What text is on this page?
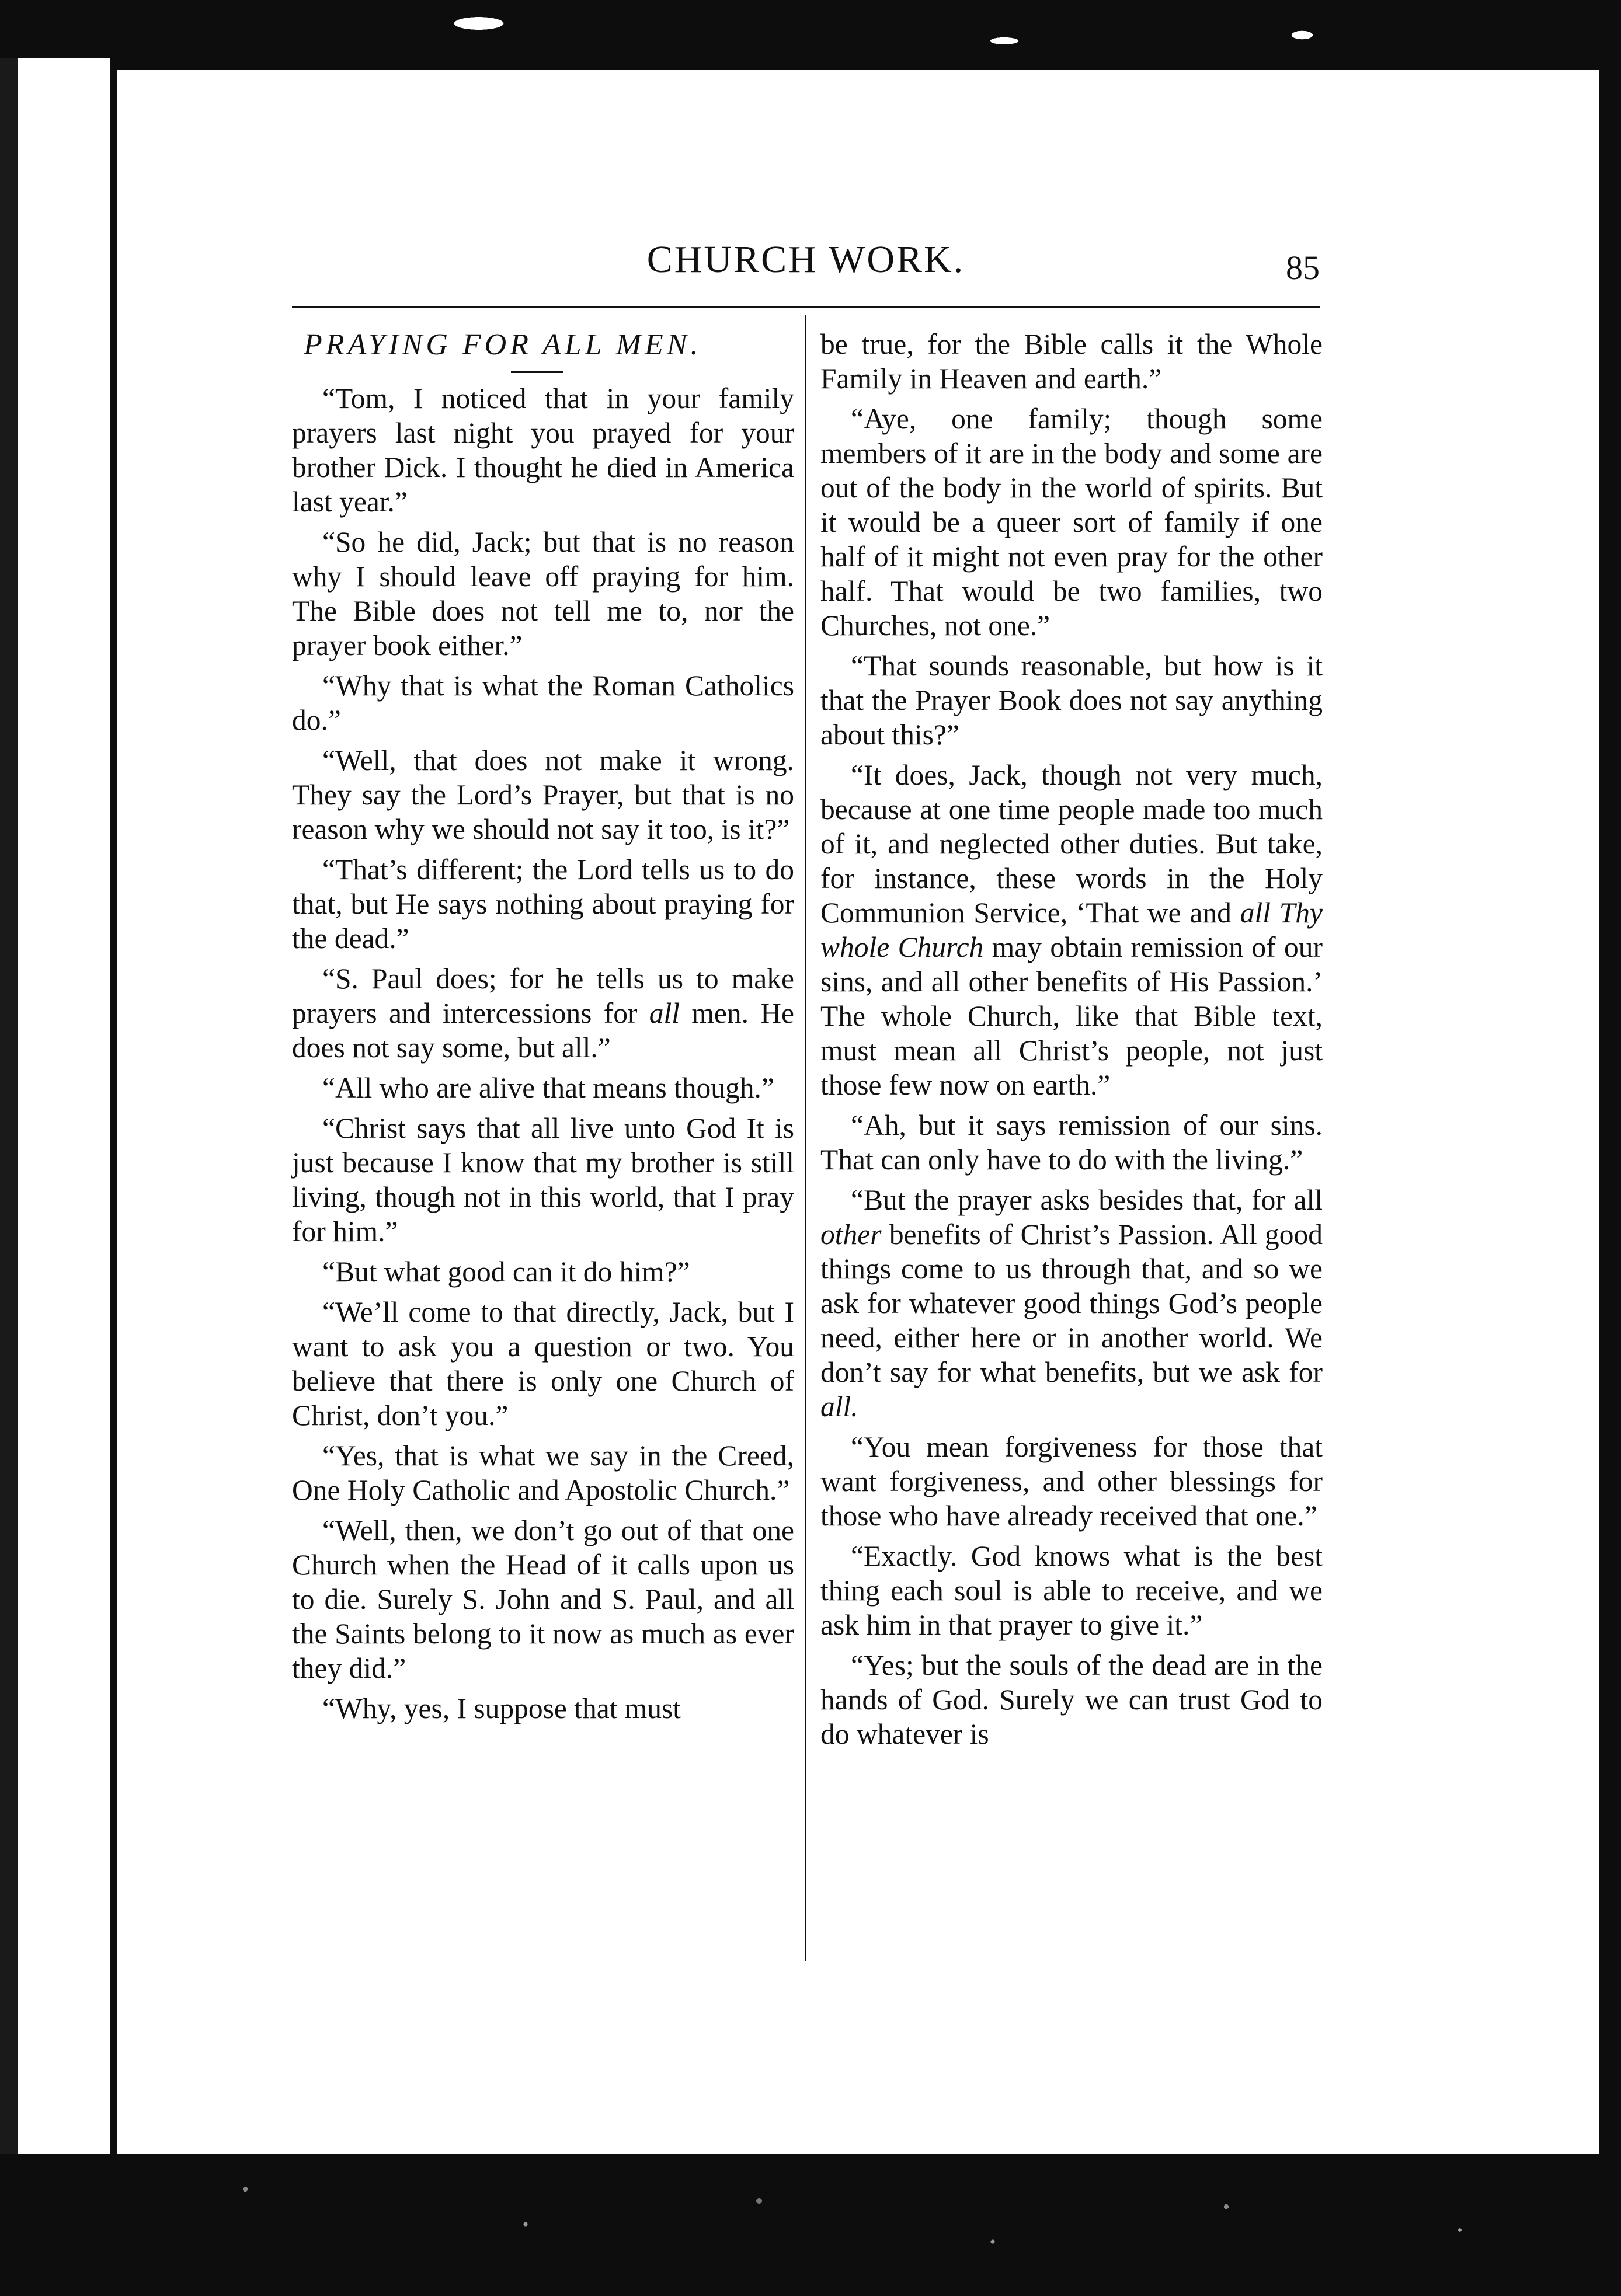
CHURCH WORK.	85
PRAYING FOR ALL MEN.

“Tom, I noticed that in your family prayers last night you prayed for your brother Dick. I thought he died in America last year.”

“So he did, Jack; but that is no reason why I should leave off praying for him. The Bible does not tell me to, nor the prayer book either.”

“Why that is what the Roman Catholics do.”

“Well, that does not make it wrong. They say the Lord’s Prayer, but that is no reason why we should not say it too, is it?”

“That’s different; the Lord tells us to do that, but He says nothing about praying for the dead.”

“S. Paul does; for he tells us to make prayers and intercessions for all men. He does not say some, but all.”

“All who are alive that means though.”

“Christ says that all live unto God It is just because I know that my brother is still living, though not in this world, that I pray for him.”

“But what good can it do him?”

“We’ll come to that directly, Jack, but I want to ask you a question or two. You believe that there is only one Church of Christ, don’t you.”

“Yes, that is what we say in the Creed, One Holy Catholic and Apostolic Church.”

“Well, then, we don’t go out of that one Church when the Head of it calls upon us to die. Surely S. John and S. Paul, and all the Saints belong to it now as much as ever they did.”

“Why, yes, I suppose that must

be true, for the Bible calls it the Whole Family in Heaven and earth.”

“Aye, one family; though some members of it are in the body and some are out of the body in the world of spirits. But it would be a queer sort of family if one half of it might not even pray for the other half. That would be two families, two Churches, not one.”

“That sounds reasonable, but how is it that the Prayer Book does not say anything about this?”

“It does, Jack, though not very much, because at one time people made too much of it, and neglected other duties. But take, for instance, these words in the Holy Communion Service, ‘That we and all Thy whole Church may obtain remission of our sins, and all other benefits of His Passion.’ The whole Church, like that Bible text, must mean all Christ’s people, not just those few now on earth.”

“Ah, but it says remission of our sins. That can only have to do with the living.”

“But the prayer asks besides that, for all other benefits of Christ’s Passion. All good things come to us through that, and so we ask for whatever good things God’s people need, either here or in another world. We don’t say for what benefits, but we ask for all.

“You mean forgiveness for those that want forgiveness, and other blessings for those who have already received that one.”

“Exactly. God knows what is the best thing each soul is able to receive, and we ask him in that prayer to give it.”

“Yes; but the souls of the dead are in the hands of God. Surely we can trust God to do whatever is
